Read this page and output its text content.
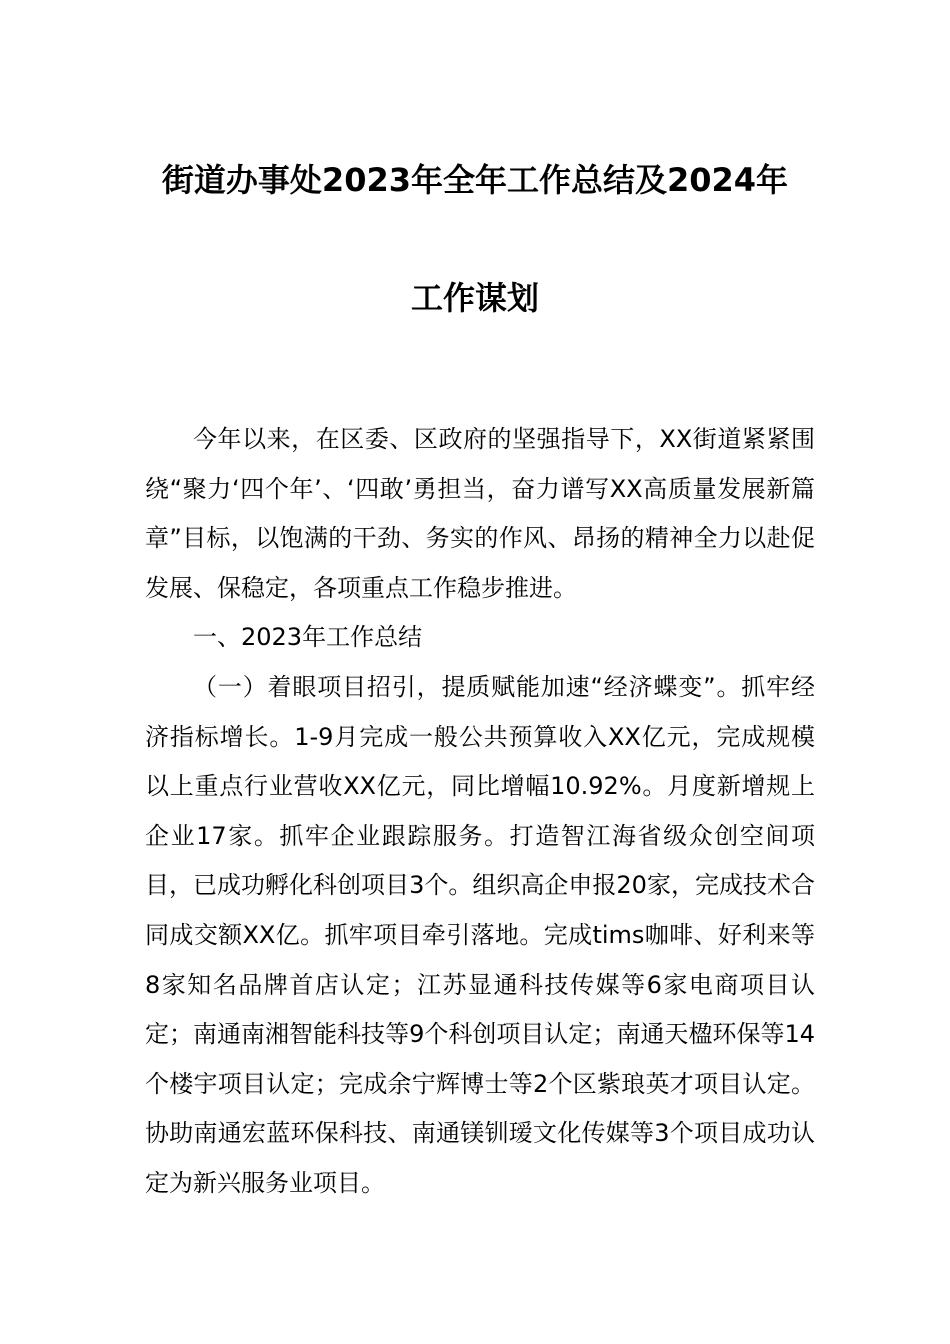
街道办事处2023年全年工作总结及2024年
工作谋划

今年以来，在区委、区政府的坚强指导下，XX街道紧紧围绕“聚力‘四个年’、‘四敢’勇担当，奋力谱写XX高质量发展新篇章”目标，以饱满的干劲、务实的作风、昂扬的精神全力以赴促发展、保稳定，各项重点工作稳步推进。

一、2023年工作总结

（一）着眼项目招引，提质赋能加速“经济蝶变”。抓牢经济指标增长。1-9月完成一般公共预算收入XX亿元，完成规模以上重点行业营收XX亿元，同比增幅10.92%。月度新增规上企业17家。抓牢企业跟踪服务。打造智江海省级众创空间项目，已成功孵化科创项目3个。组织高企申报20家，完成技术合同成交额XX亿。抓牢项目牵引落地。完成tims咖啡、好利来等8家知名品牌首店认定；江苏显通科技传媒等6家电商项目认定；南通南湘智能科技等9个科创项目认定；南通天楹环保等14个楼宇项目认定；完成余宁辉博士等2个区紫琅英才项目认定。协助南通宏蓝环保科技、南通镁钏瑷文化传媒等3个项目成功认定为新兴服务业项目。
